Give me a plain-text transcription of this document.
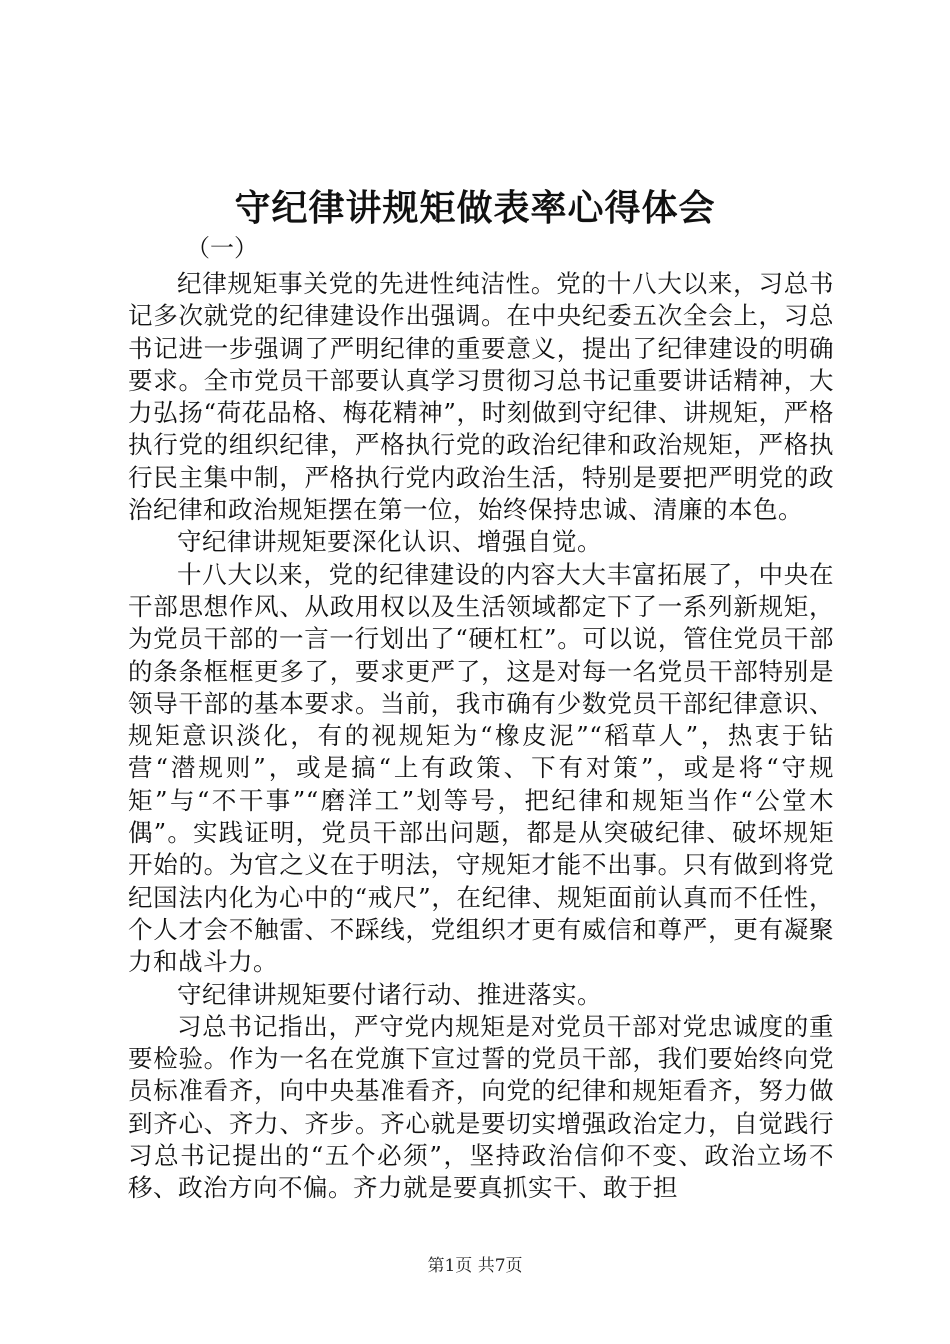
守纪律讲规矩做表率心得体会

（一）

纪律规矩事关党的先进性纯洁性。党的十八大以来，习总书记多次就党的纪律建设作出强调。在中央纪委五次全会上，习总书记进一步强调了严明纪律的重要意义，提出了纪律建设的明确要求。全市党员干部要认真学习贯彻习总书记重要讲话精神，大力弘扬“荷花品格、梅花精神”，时刻做到守纪律、讲规矩，严格执行党的组织纪律，严格执行党的政治纪律和政治规矩，严格执行民主集中制，严格执行党内政治生活，特别是要把严明党的政治纪律和政治规矩摆在第一位，始终保持忠诚、清廉的本色。

守纪律讲规矩要深化认识、增强自觉。

十八大以来，党的纪律建设的内容大大丰富拓展了，中央在干部思想作风、从政用权以及生活领域都定下了一系列新规矩，为党员干部的一言一行划出了“硬杠杠”。可以说，管住党员干部的条条框框更多了，要求更严了，这是对每一名党员干部特别是领导干部的基本要求。当前，我市确有少数党员干部纪律意识、规矩意识淡化，有的视规矩为“橡皮泥”“稻草人”，热衷于钻营“潜规则”，或是搞“上有政策、下有对策”，或是将“守规矩”与“不干事”“磨洋工”划等号，把纪律和规矩当作“公堂木偶”。实践证明，党员干部出问题，都是从突破纪律、破坏规矩开始的。为官之义在于明法，守规矩才能不出事。只有做到将党纪国法内化为心中的“戒尺”，在纪律、规矩面前认真而不任性，个人才会不触雷、不踩线，党组织才更有威信和尊严，更有凝聚力和战斗力。

守纪律讲规矩要付诸行动、推进落实。

习总书记指出，严守党内规矩是对党员干部对党忠诚度的重要检验。作为一名在党旗下宣过誓的党员干部，我们要始终向党员标准看齐，向中央基准看齐，向党的纪律和规矩看齐，努力做到齐心、齐力、齐步。齐心就是要切实增强政治定力，自觉践行习总书记提出的“五个必须”，坚持政治信仰不变、政治立场不移、政治方向不偏。齐力就是要真抓实干、敢于担

第1页 共7页
